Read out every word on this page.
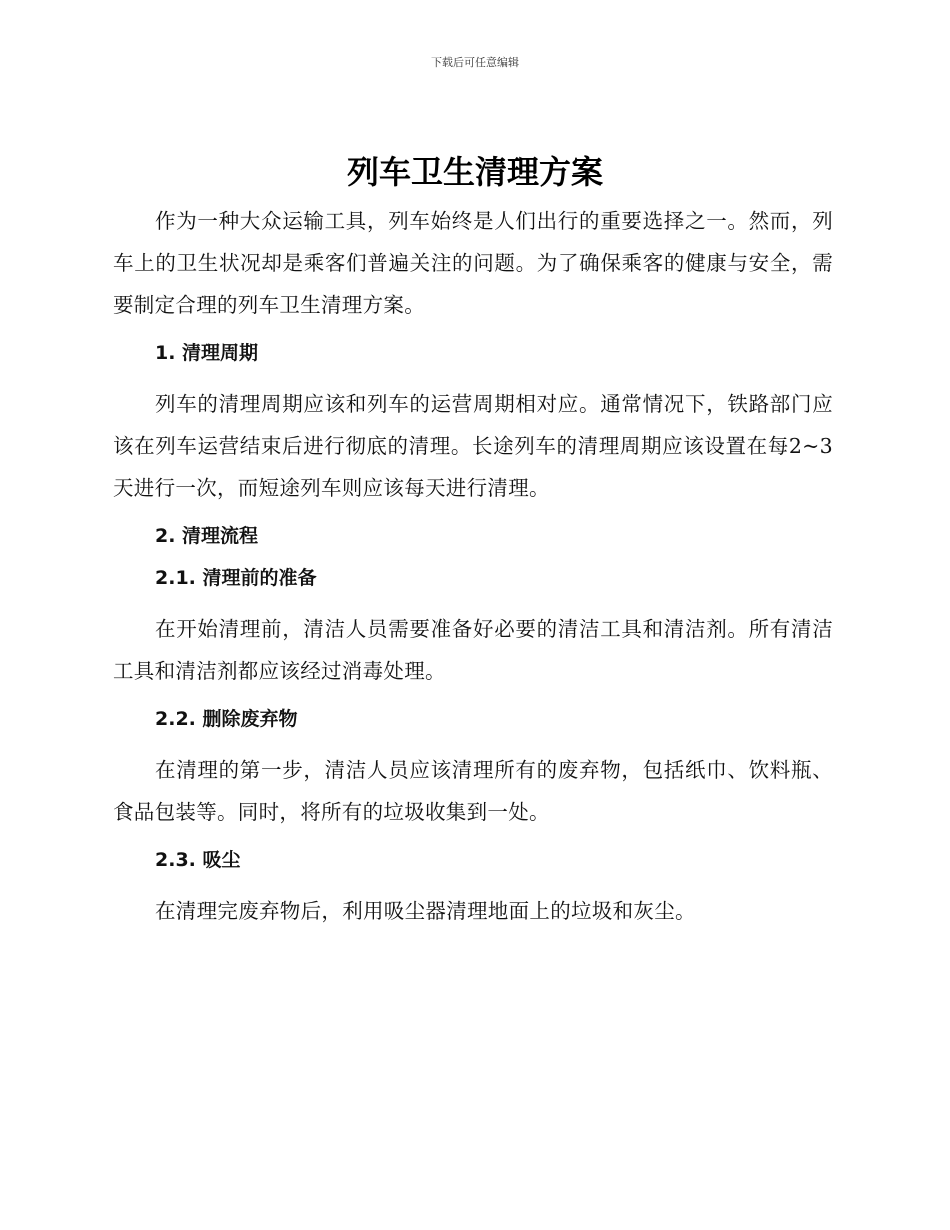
下载后可任意编辑
列车卫生清理方案

作为一种大众运输工具，列车始终是人们出行的重要选择之一。然而，列车上的卫生状况却是乘客们普遍关注的问题。为了确保乘客的健康与安全，需要制定合理的列车卫生清理方案。

1. 清理周期

列车的清理周期应该和列车的运营周期相对应。通常情况下，铁路部门应该在列车运营结束后进行彻底的清理。长途列车的清理周期应该设置在每2~3天进行一次，而短途列车则应该每天进行清理。

2. 清理流程
2.1. 清理前的准备

在开始清理前，清洁人员需要准备好必要的清洁工具和清洁剂。所有清洁工具和清洁剂都应该经过消毒处理。

2.2. 删除废弃物

在清理的第一步，清洁人员应该清理所有的废弃物，包括纸巾、饮料瓶、食品包装等。同时，将所有的垃圾收集到一处。

2.3. 吸尘

在清理完废弃物后，利用吸尘器清理地面上的垃圾和灰尘。
